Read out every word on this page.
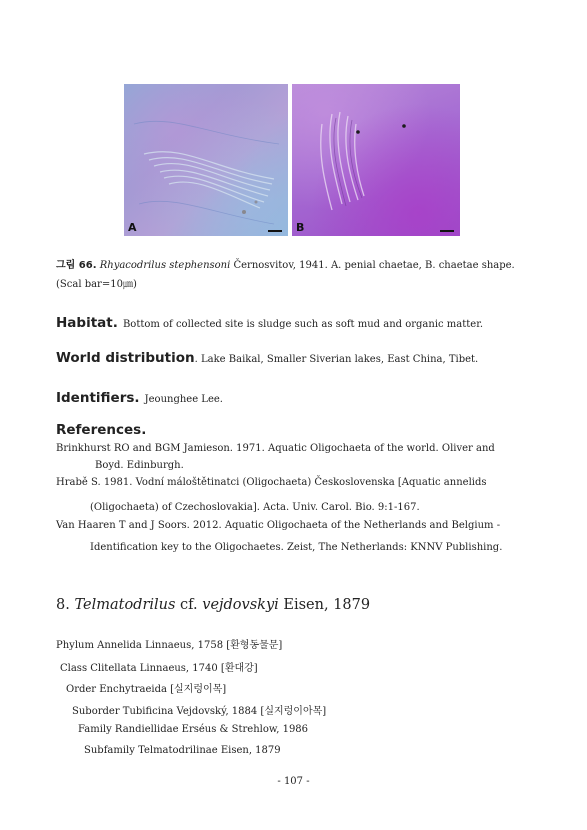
A	B
그림 66. Rhyacodrilus stephensoni Černosvitov, 1941. A. penial chaetae, B. chaetae shape.
(Scal bar=10㎛)
Habitat. Bottom of collected site is sludge such as soft mud and organic matter.
World distribution. Lake Baikal, Smaller Siverian lakes, East China, Tibet.
Identifiers. Jeounghee Lee.
References.
Brinkhurst RO and BGM Jamieson. 1971. Aquatic Oligochaeta of the world. Oliver and
Boyd. Edinburgh.
Hrabě S. 1981. Vodní máloštětinatci (Oligochaeta) Československa [Aquatic annelids
(Oligochaeta) of Czechoslovakia]. Acta. Univ. Carol. Bio. 9:1-167.
Van Haaren T and J Soors. 2012. Aquatic Oligochaeta of the Netherlands and Belgium -
Identification key to the Oligochaetes. Zeist, The Netherlands: KNNV Publishing.
8. Telmatodrilus cf. vejdovskyi Eisen, 1879
Phylum Annelida Linnaeus, 1758 [환형동물문]
Class Clitellata Linnaeus, 1740 [환대강]
Order Enchytraeida [실지렁이목]
Suborder Tubificina Vejdovský, 1884 [실지렁이아목]
Family Randiellidae Erséus & Strehlow, 1986
Subfamily Telmatodrilinae Eisen, 1879
- 107 -
